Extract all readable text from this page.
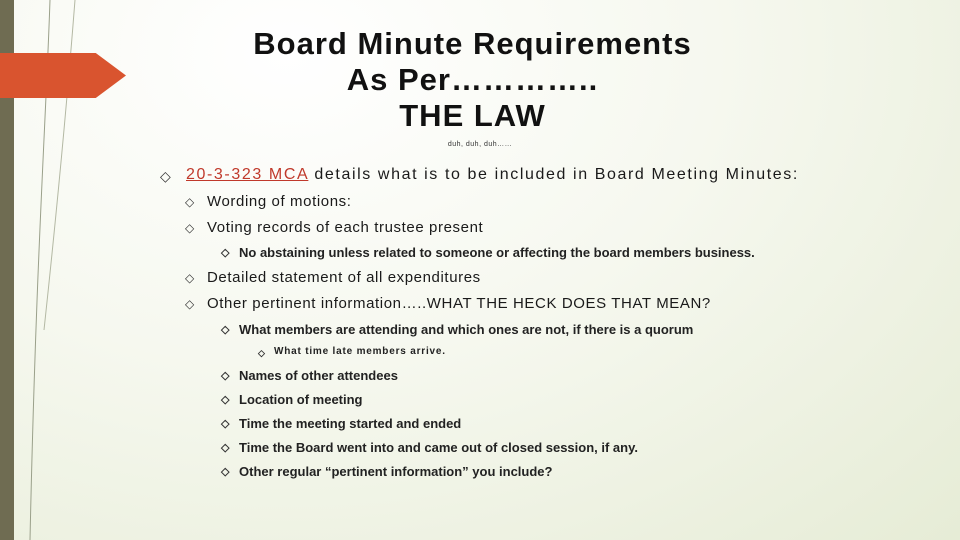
Board Minute Requirements
As Per…………..
THE LAW
duh, duh, duh……
◇ 20-3-323 MCA details what is to be included in Board Meeting Minutes:
◇ Wording of motions:
◇ Voting records of each trustee present
◇ No abstaining unless related to someone or affecting the board members business.
◇ Detailed statement of all expenditures
◇ Other pertinent information…..WHAT THE HECK DOES THAT MEAN?
◇ What members are attending and which ones are not, if there is a quorum
◇ What time late members arrive.
◇ Names of other attendees
◇ Location of meeting
◇ Time the meeting started and ended
◇ Time the Board went into and came out of closed session, if any.
◇ Other regular “pertinent information” you include?
